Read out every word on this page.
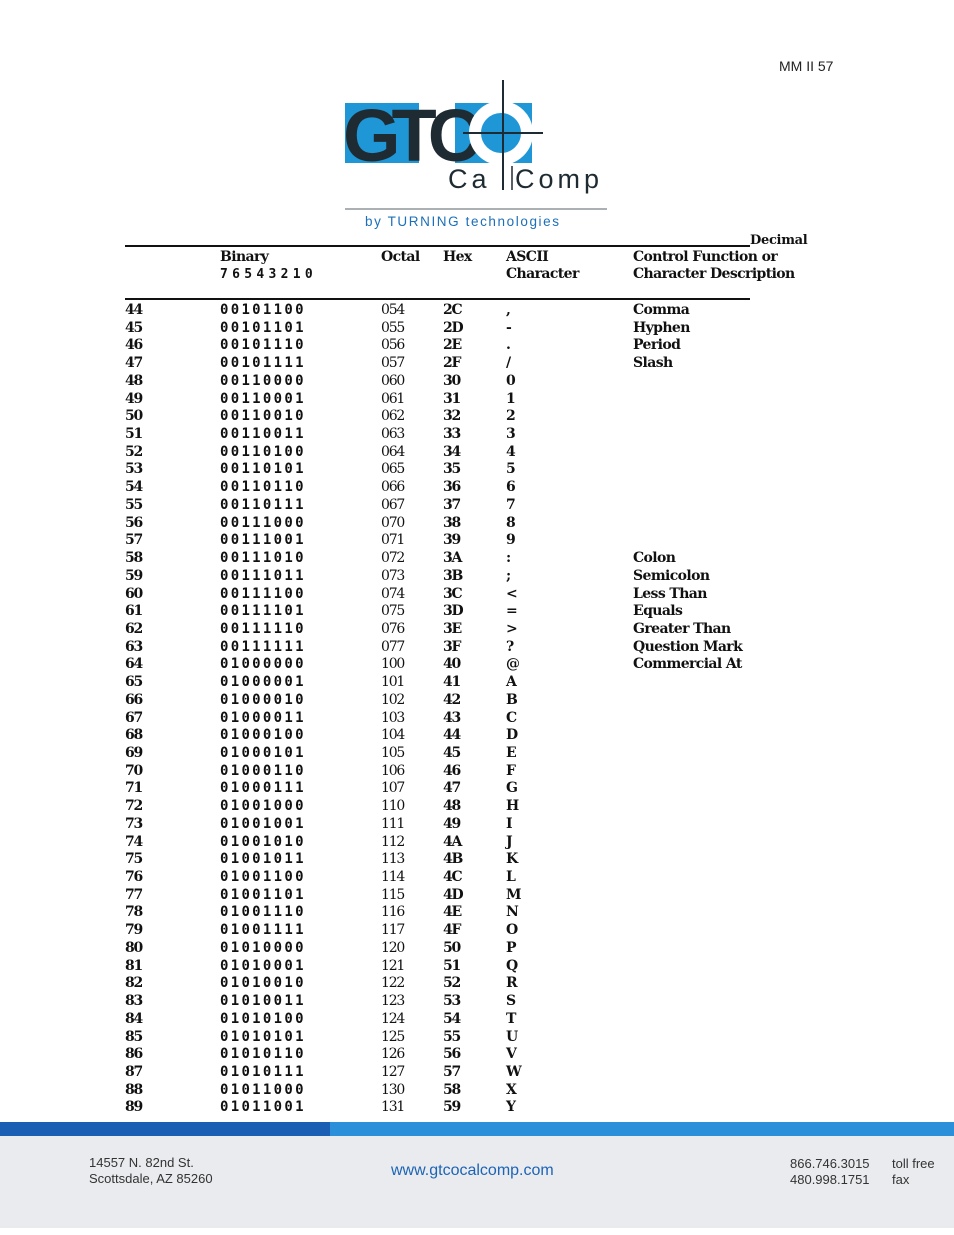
MM II 57
GTC
Ca Comp
by TURNING technologies
Decimal
Binary
76543210
Octal Hex ASCII
Character
Control Function or
Character Description
44	00101100	054	2C	,	Comma
45	00101101	055	2D	-	Hyphen
46	00101110	056	2E	.	Period
47	00101111	057	2F	/	Slash
48	00110000	060	30	0
49	00110001	061	31	1
50	00110010	062	32	2
51	00110011	063	33	3
52	00110100	064	34	4
53	00110101	065	35	5
54	00110110	066	36	6
55	00110111	067	37	7
56	00111000	070	38	8
57	00111001	071	39	9
58	00111010	072	3A	:	Colon
59	00111011	073	3B	;	Semicolon
60	00111100	074	3C	<	Less Than
61	00111101	075	3D	=	Equals
62	00111110	076	3E	>	Greater Than
63	00111111	077	3F	?	Question Mark
64	01000000	100	40	@	Commercial At
65	01000001	101	41	A
66	01000010	102	42	B
67	01000011	103	43	C
68	01000100	104	44	D
69	01000101	105	45	E
70	01000110	106	46	F
71	01000111	107	47	G
72	01001000	110	48	H
73	01001001	111	49	I
74	01001010	112	4A	J
75	01001011	113	4B	K
76	01001100	114	4C	L
77	01001101	115	4D	M
78	01001110	116	4E	N
79	01001111	117	4F	O
80	01010000	120	50	P
81	01010001	121	51	Q
82	01010010	122	52	R
83	01010011	123	53	S
84	01010100	124	54	T
85	01010101	125	55	U
86	01010110	126	56	V
87	01010111	127	57	W
88	01011000	130	58	X
89	01011001	131	59	Y
14557 N. 82nd St.
Scottsdale, AZ 85260	www.gtcocalcomp.com	866.746.3015
480.998.1751
toll free
fax
